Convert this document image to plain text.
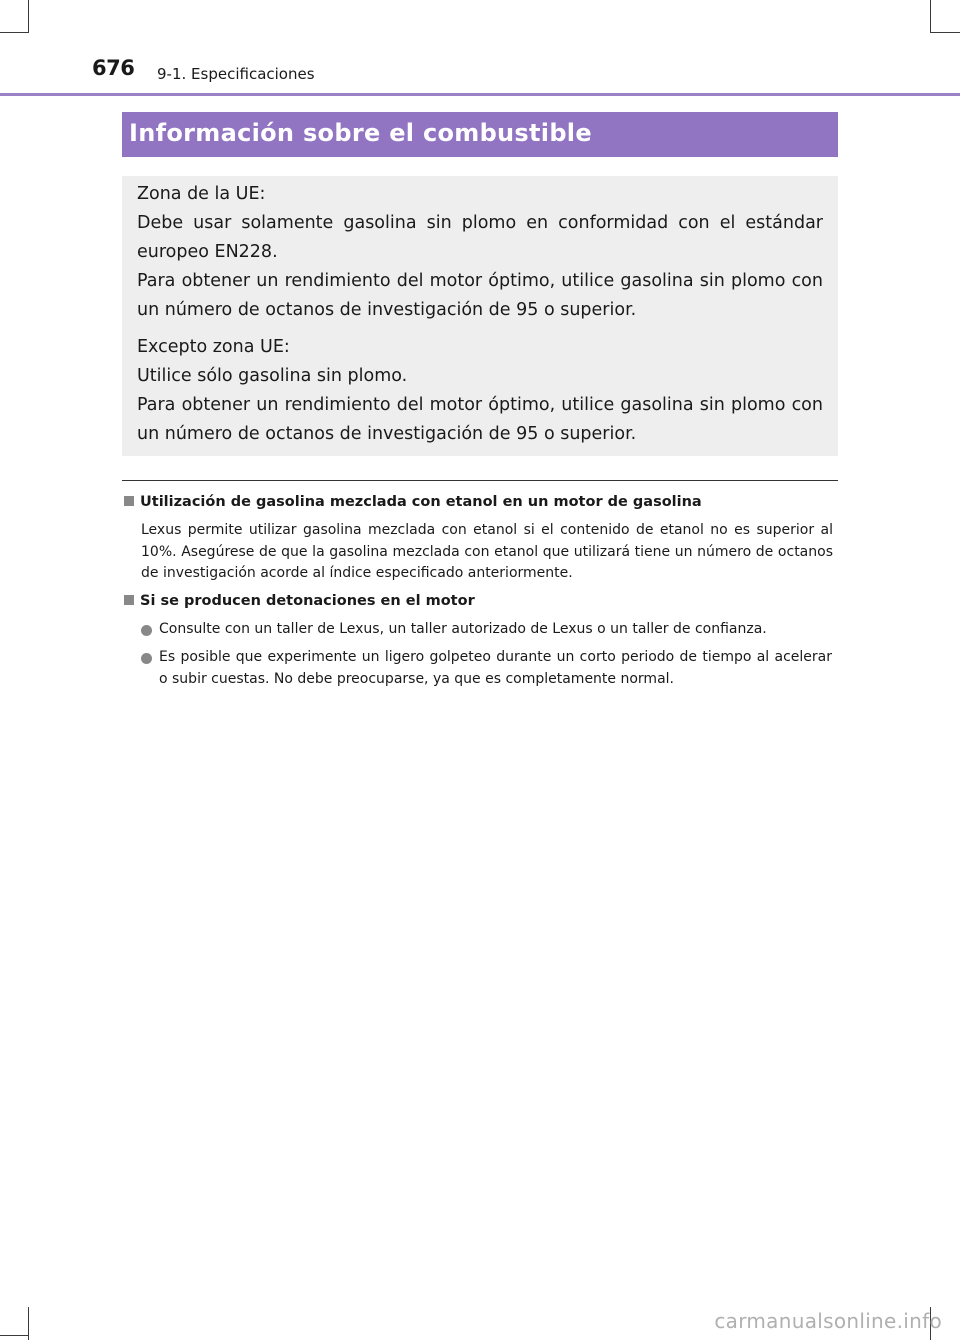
676 9-1. Especificaciones
Información sobre el combustible
Zona de la UE:
Debe usar solamente gasolina sin plomo en conformidad con el estándar europeo EN228.
Para obtener un rendimiento del motor óptimo, utilice gasolina sin plomo con un número de octanos de investigación de 95 o superior.
Excepto zona UE:
Utilice sólo gasolina sin plomo.
Para obtener un rendimiento del motor óptimo, utilice gasolina sin plomo con un número de octanos de investigación de 95 o superior.
Utilización de gasolina mezclada con etanol en un motor de gasolina
Lexus permite utilizar gasolina mezclada con etanol si el contenido de etanol no es superior al 10%. Asegúrese de que la gasolina mezclada con etanol que utilizará tiene un número de octanos de investigación acorde al índice especificado anteriormente.
Si se producen detonaciones en el motor
Consulte con un taller de Lexus, un taller autorizado de Lexus o un taller de confianza.
Es posible que experimente un ligero golpeteo durante un corto periodo de tiempo al acelerar o subir cuestas. No debe preocuparse, ya que es completamente normal.
carmanualsonline.info
